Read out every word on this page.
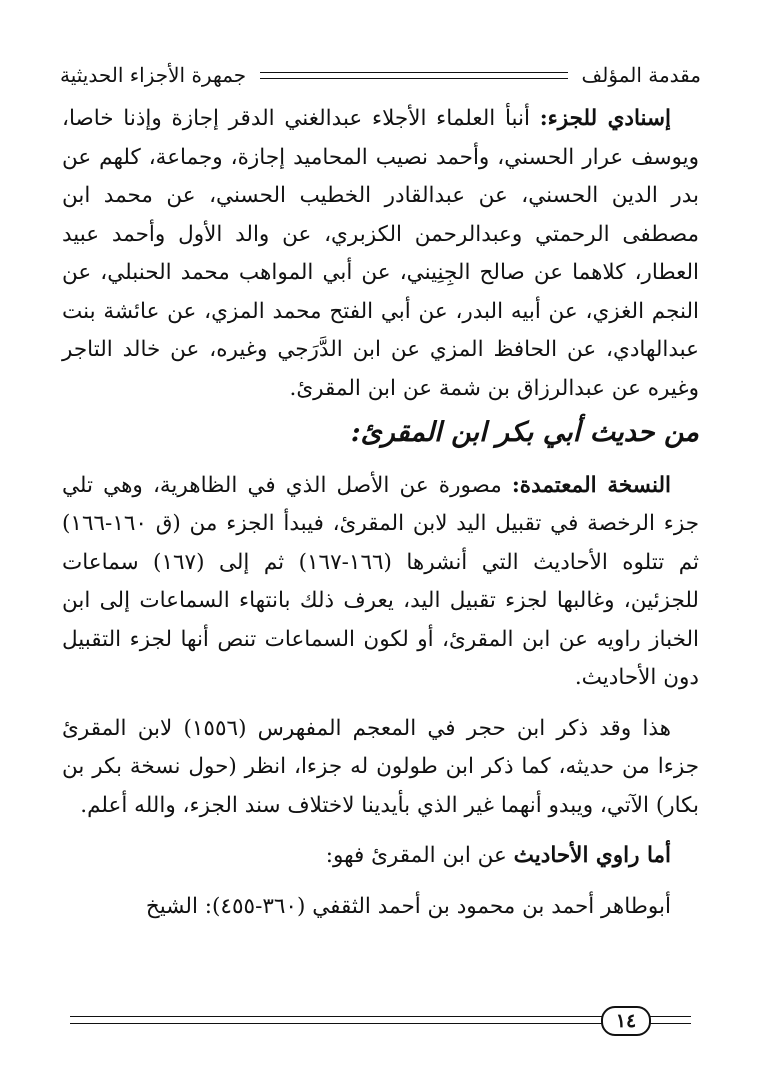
مقدمة المؤلف
جمهرة الأجزاء الحديثية

إسنادي للجزء: أنبأ العلماء الأجلاء عبدالغني الدقر إجازة وإذنا خاصا، ويوسف عرار الحسني، وأحمد نصيب المحاميد إجازة، وجماعة، كلهم عن بدر الدين الحسني، عن عبدالقادر الخطيب الحسني، عن محمد ابن مصطفى الرحمتي وعبدالرحمن الكزبري، عن والد الأول وأحمد عبيد العطار، كلاهما عن صالح الجِنِيني، عن أبي المواهب محمد الحنبلي، عن النجم الغزي، عن أبيه البدر، عن أبي الفتح محمد المزي، عن عائشة بنت عبدالهادي، عن الحافظ المزي عن ابن الدَّرَجي وغيره، عن خالد التاجر وغيره عن عبدالرزاق بن شمة عن ابن المقرئ.

من حديث أبي بكر ابن المقرئ:

النسخة المعتمدة: مصورة عن الأصل الذي في الظاهرية، وهي تلي جزء الرخصة في تقبيل اليد لابن المقرئ، فيبدأ الجزء من (ق ١٦٠-١٦٦) ثم تتلوه الأحاديث التي أنشرها (١٦٦-١٦٧) ثم إلى (١٦٧) سماعات للجزئين، وغالبها لجزء تقبيل اليد، يعرف ذلك بانتهاء السماعات إلى ابن الخباز راويه عن ابن المقرئ، أو لكون السماعات تنص أنها لجزء التقبيل دون الأحاديث.

هذا وقد ذكر ابن حجر في المعجم المفهرس (١٥٥٦) لابن المقرئ جزءا من حديثه، كما ذكر ابن طولون له جزءا، انظر (حول نسخة بكر بن بكار) الآتي، ويبدو أنهما غير الذي بأيدينا لاختلاف سند الجزء، والله أعلم.

أما راوي الأحاديث عن ابن المقرئ فهو:

أبوطاهر أحمد بن محمود بن أحمد الثقفي (٣٦٠-٤٥٥): الشيخ

١٤
